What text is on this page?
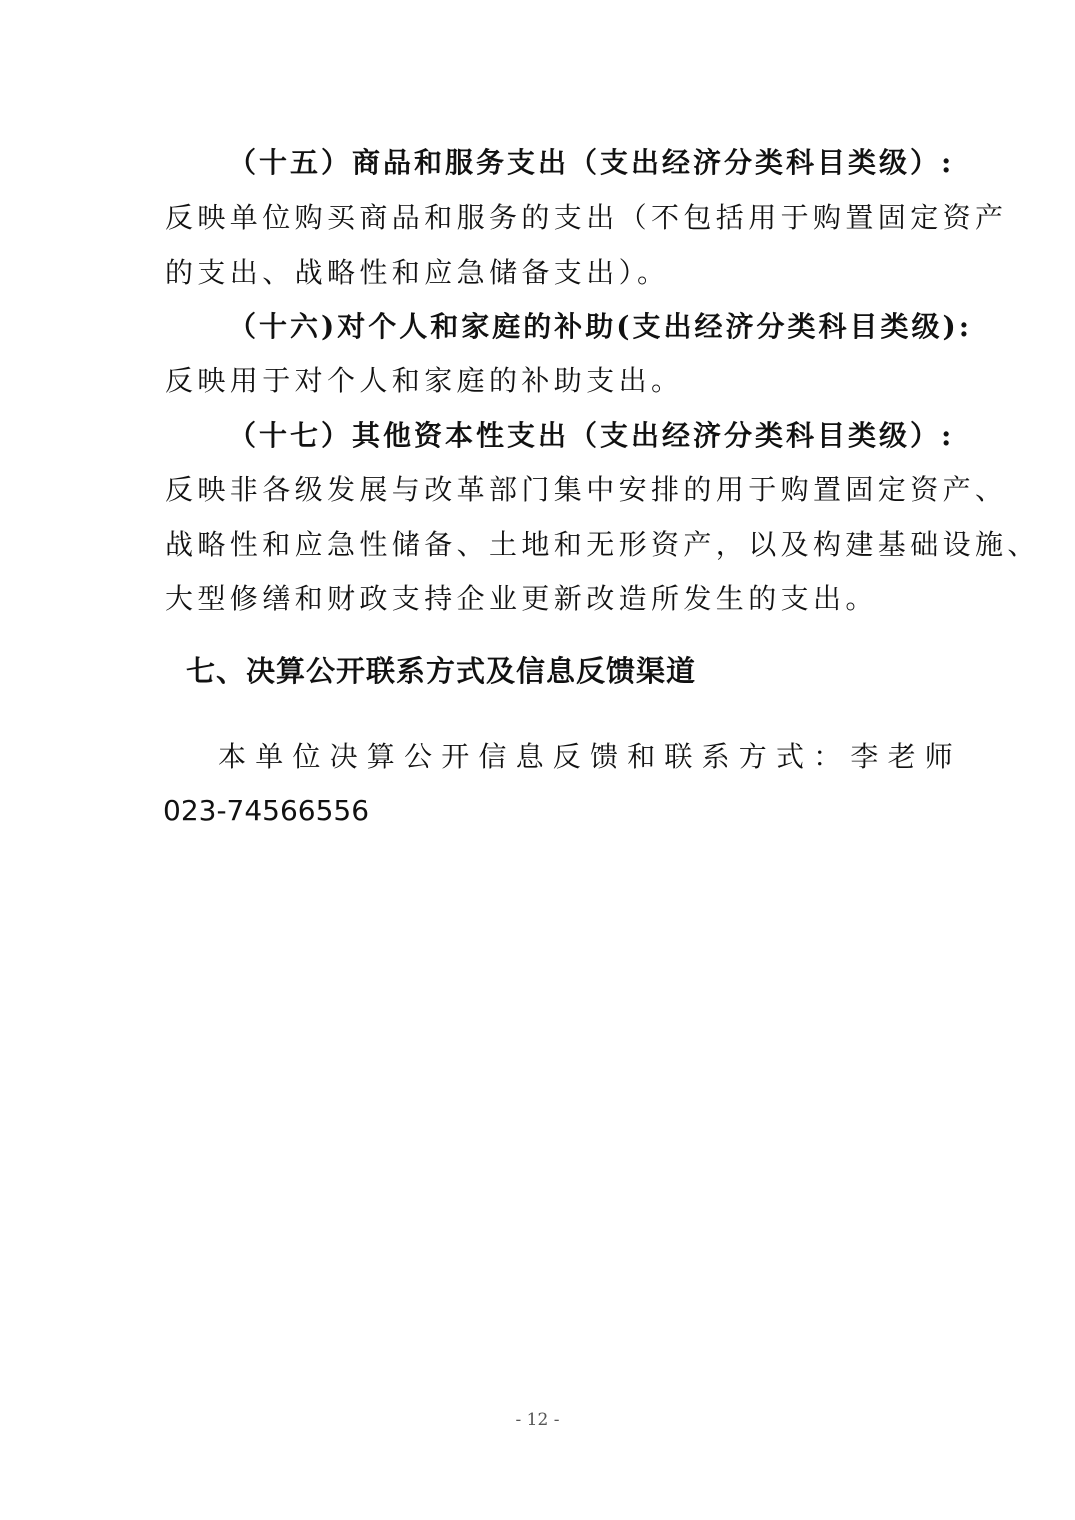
（十五）商品和服务支出（支出经济分类科目类级）:
反映单位购买商品和服务的支出（不包括用于购置固定资产
的支出、战略性和应急储备支出）。
（十六)对个人和家庭的补助(支出经济分类科目类级):
反映用于对个人和家庭的补助支出。
（十七）其他资本性支出（支出经济分类科目类级）:
反映非各级发展与改革部门集中安排的用于购置固定资产、
战略性和应急性储备、土地和无形资产，以及构建基础设施、
大型修缮和财政支持企业更新改造所发生的支出。
七、决算公开联系方式及信息反馈渠道
本单位决算公开信息反馈和联系方式：李老师
023-74566556
- 12 -
